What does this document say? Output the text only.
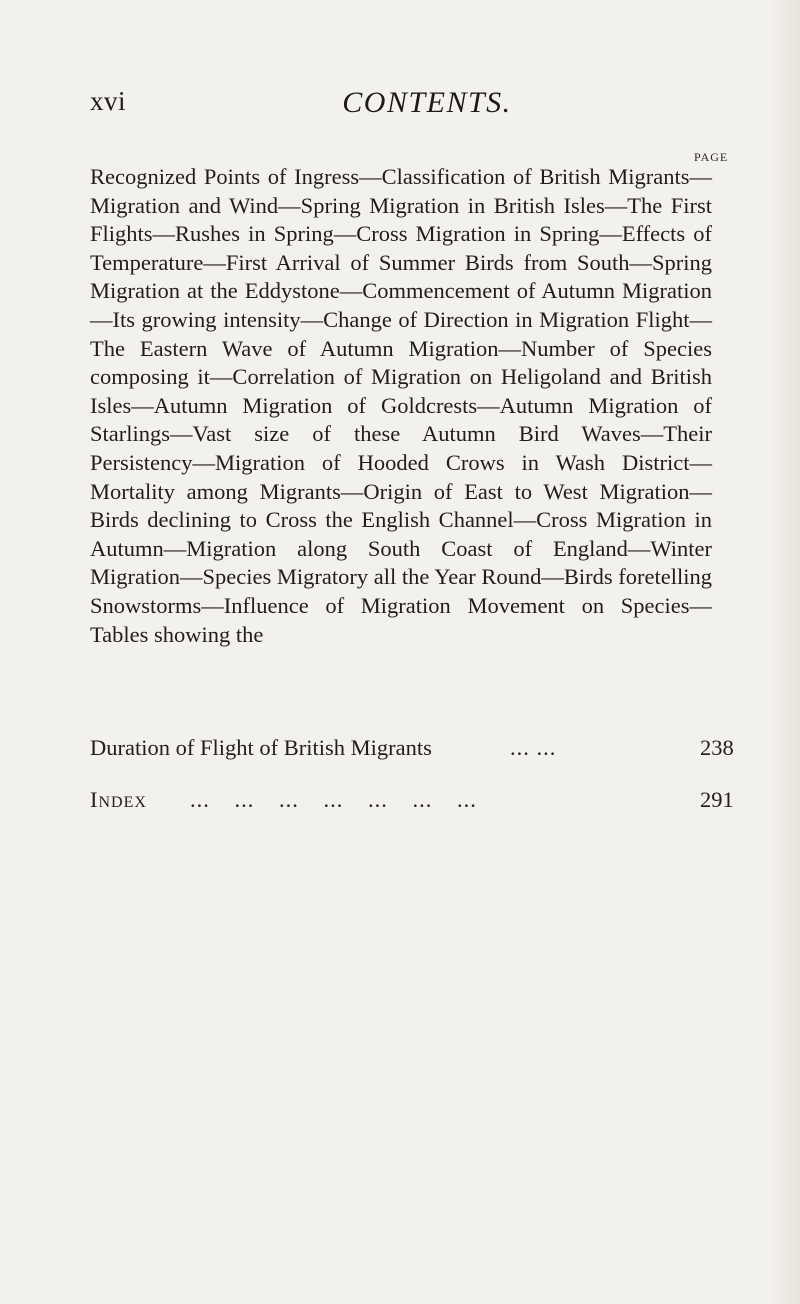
xvi	CONTENTS.
PAGE
Recognized Points of Ingress—Classification of British Migrants—Migration and Wind—Spring Migration in British Isles—The First Flights—Rushes in Spring—Cross Migration in Spring—Effects of Temperature—First Arrival of Summer Birds from South—Spring Migration at the Eddystone—Commencement of Autumn Migration—Its growing intensity—Change of Direction in Migration Flight—The Eastern Wave of Autumn Migration—Number of Species composing it—Correlation of Migration on Heligoland and British Isles—Autumn Migration of Goldcrests—Autumn Migration of Starlings—Vast size of these Autumn Bird Waves—Their Persistency—Migration of Hooded Crows in Wash District—Mortality among Migrants—Origin of East to West Migration—Birds declining to Cross the English Channel—Cross Migration in Autumn—Migration along South Coast of England—Winter Migration—Species Migratory all the Year Round—Birds foretelling Snowstorms—Influence of Migration Movement on Species—Tables showing the
Duration of Flight of British Migrants	... ...	238
Index ... ... ... ... ... ... ...	291
